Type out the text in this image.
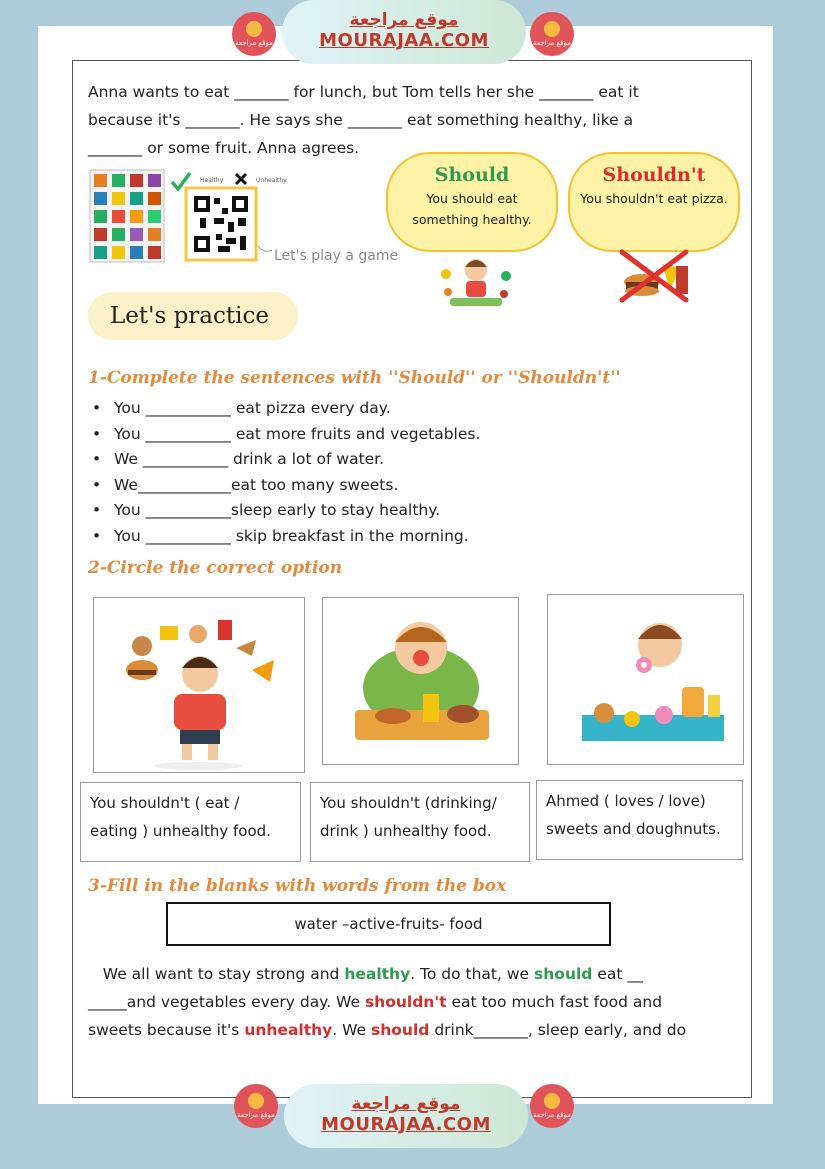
موقع مراجعة
موقع مراجعة
MOURAJAA.COM	موقع مراجعة
Anna wants to eat _______ for lunch, but Tom tells her she _______ eat it
because it's _______. He says she _______ eat something healthy, like a
_______ or some fruit. Anna agrees.
Healthy	Unhealthy
Let's play a game
Should
You should eat something healthy.
Shouldn't
You shouldn't eat pizza.
Let's practice
1-Complete the sentences with ''Should'' or ''Shouldn't''
• You ___________ eat pizza every day.
• You ___________ eat more fruits and vegetables.
• We ___________ drink a lot of water.
• We____________eat too many sweets.
• You ___________sleep early to stay healthy.
• You ___________ skip breakfast in the morning.
2-Circle the correct option
You shouldn't ( eat /
eating ) unhealthy food.
You shouldn't (drinking/
drink ) unhealthy food.
Ahmed ( loves / love)
sweets and doughnuts.
3-Fill in the blanks with words from the box
water –active-fruits- food
We all want to stay strong and healthy. To do that, we should eat __
_____and vegetables every day. We shouldn't eat too much fast food and
sweets because it's unhealthy. We should drink_______, sleep early, and do
موقع مراجعة
موقع مراجعة
MOURAJAA.COM	موقع مراجعة
